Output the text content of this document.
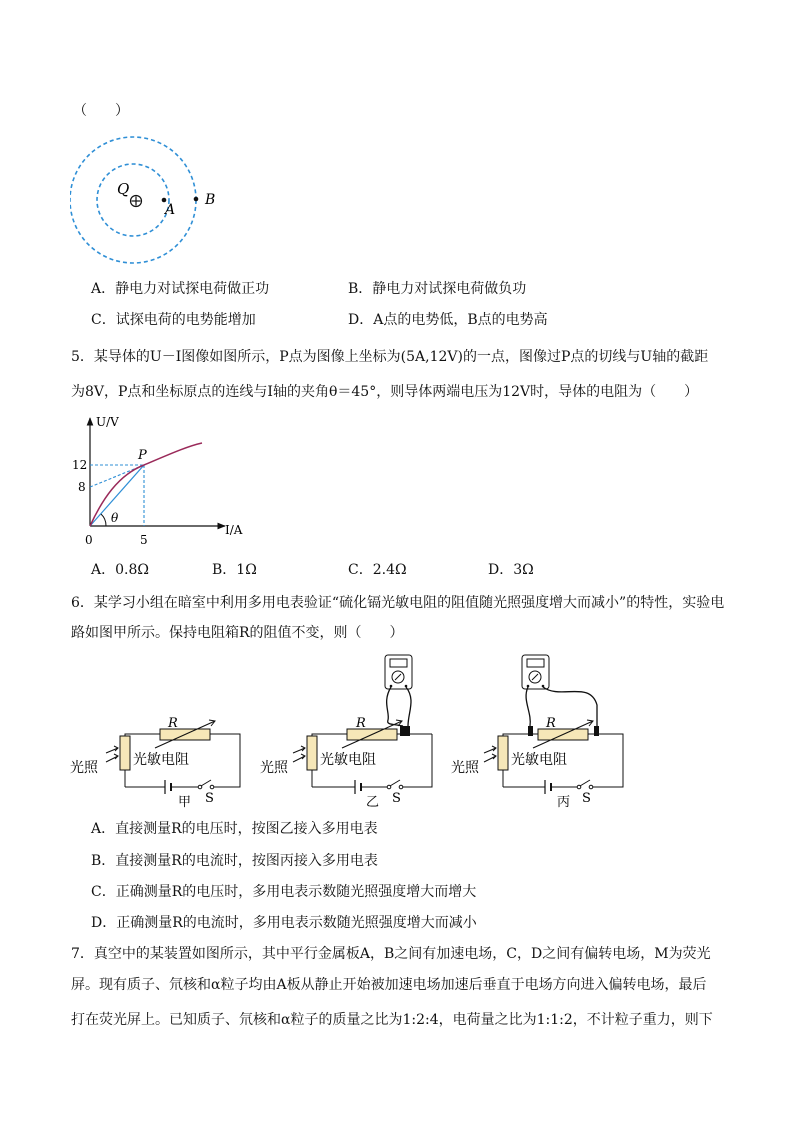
（　　）
Q
A
B
A．静电力对试探电荷做正功	B．静电力对试探电荷做负功
C．试探电荷的电势能增加	D．A点的电势低，B点的电势高
5．某导体的U－I图像如图所示，P点为图像上坐标为(5A,12V)的一点，图像过P点的切线与U轴的截距
为8V，P点和坐标原点的连线与I轴的夹角θ＝45°，则导体两端电压为12V时，导体的电阻为（　　）
U/V
I/A
θ
P
12
8
5
0
A．0.8Ω	B．1Ω	C．2.4Ω	D．3Ω
6．某学习小组在暗室中利用多用电表验证“硫化镉光敏电阻的阻值随光照强度增大而减小”的特性，实验电
路如图甲所示。保持电阻箱R的阻值不变，则（　　）
光照	光敏电阻
R
S
甲
光照 光敏电阻
R
S
乙
光照 光敏电阻
R
S
丙
A．直接测量R的电压时，按图乙接入多用电表
B．直接测量R的电流时，按图丙接入多用电表
C．正确测量R的电压时，多用电表示数随光照强度增大而增大
D．正确测量R的电流时，多用电表示数随光照强度增大而减小
7．真空中的某装置如图所示，其中平行金属板A，B之间有加速电场，C，D之间有偏转电场，M为荧光
屏。现有质子、氘核和α粒子均由A板从静止开始被加速电场加速后垂直于电场方向进入偏转电场，最后
打在荧光屏上。已知质子、氘核和α粒子的质量之比为1:2:4，电荷量之比为1:1:2，不计粒子重力，则下
